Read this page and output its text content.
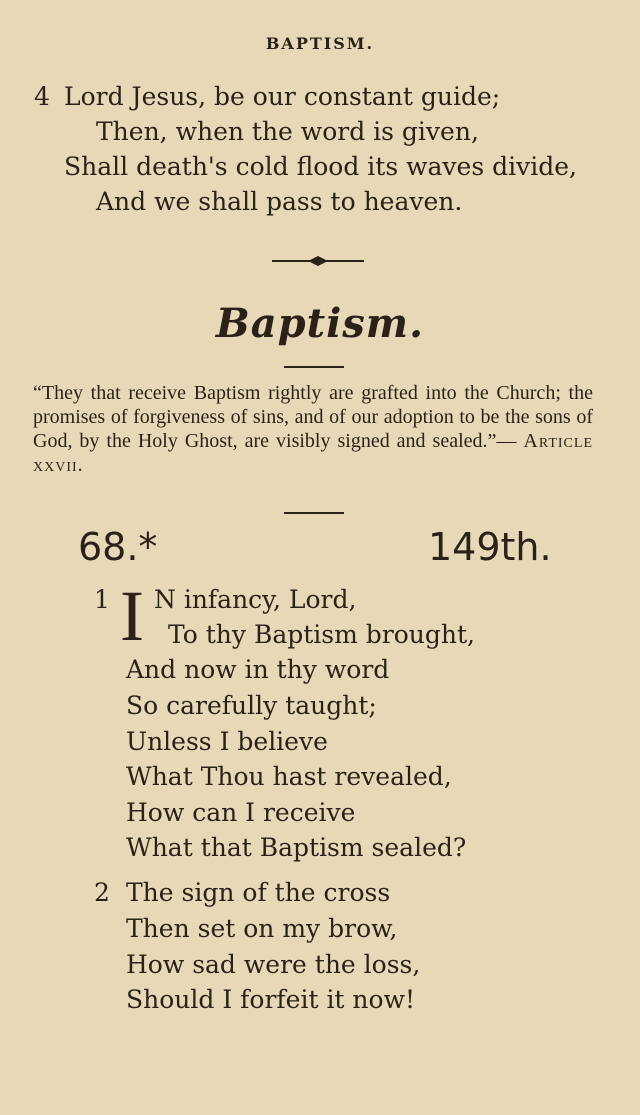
BAPTISM.
4 Lord Jesus, be our constant guide;
Then, when the word is given,
Shall death's cold flood its waves divide,
And we shall pass to heaven.
Baptism.
“They that receive Baptism rightly are grafted into the Church; the promises of forgiveness of sins, and of our adoption to be the sons of God, by the Holy Ghost, are visibly signed and sealed.”— Article xxvii.
68.*	149th.
1 I N infancy, Lord,
To thy Baptism brought,
And now in thy word
So carefully taught;
Unless I believe
What Thou hast revealed,
How can I receive
What that Baptism sealed?
2 The sign of the cross
Then set on my brow,
How sad were the loss,
Should I forfeit it now!
